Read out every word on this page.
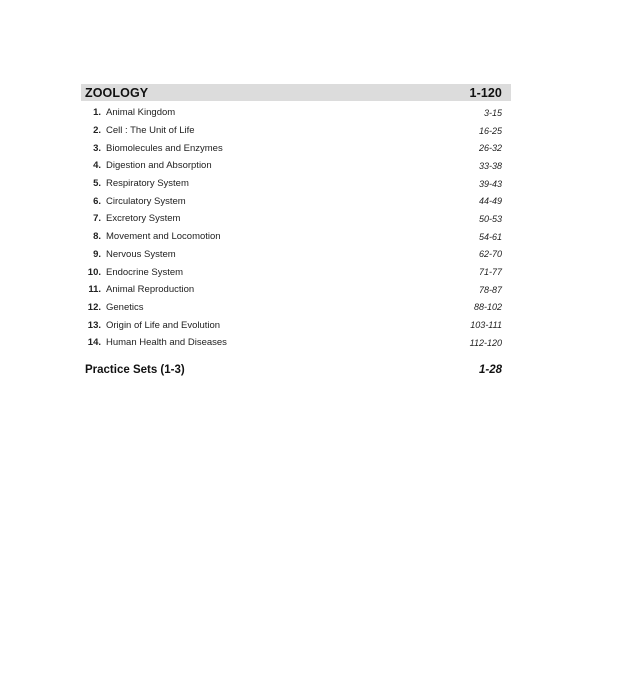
ZOOLOGY	1-120
1. Animal Kingdom	3-15
2. Cell : The Unit of Life	16-25
3. Biomolecules and Enzymes	26-32
4. Digestion and Absorption	33-38
5. Respiratory System	39-43
6. Circulatory System	44-49
7. Excretory System	50-53
8. Movement and Locomotion	54-61
9. Nervous System	62-70
10. Endocrine System	71-77
11. Animal Reproduction	78-87
12. Genetics	88-102
13. Origin of Life and Evolution	103-111
14. Human Health and Diseases	112-120
Practice Sets (1-3)	1-28
